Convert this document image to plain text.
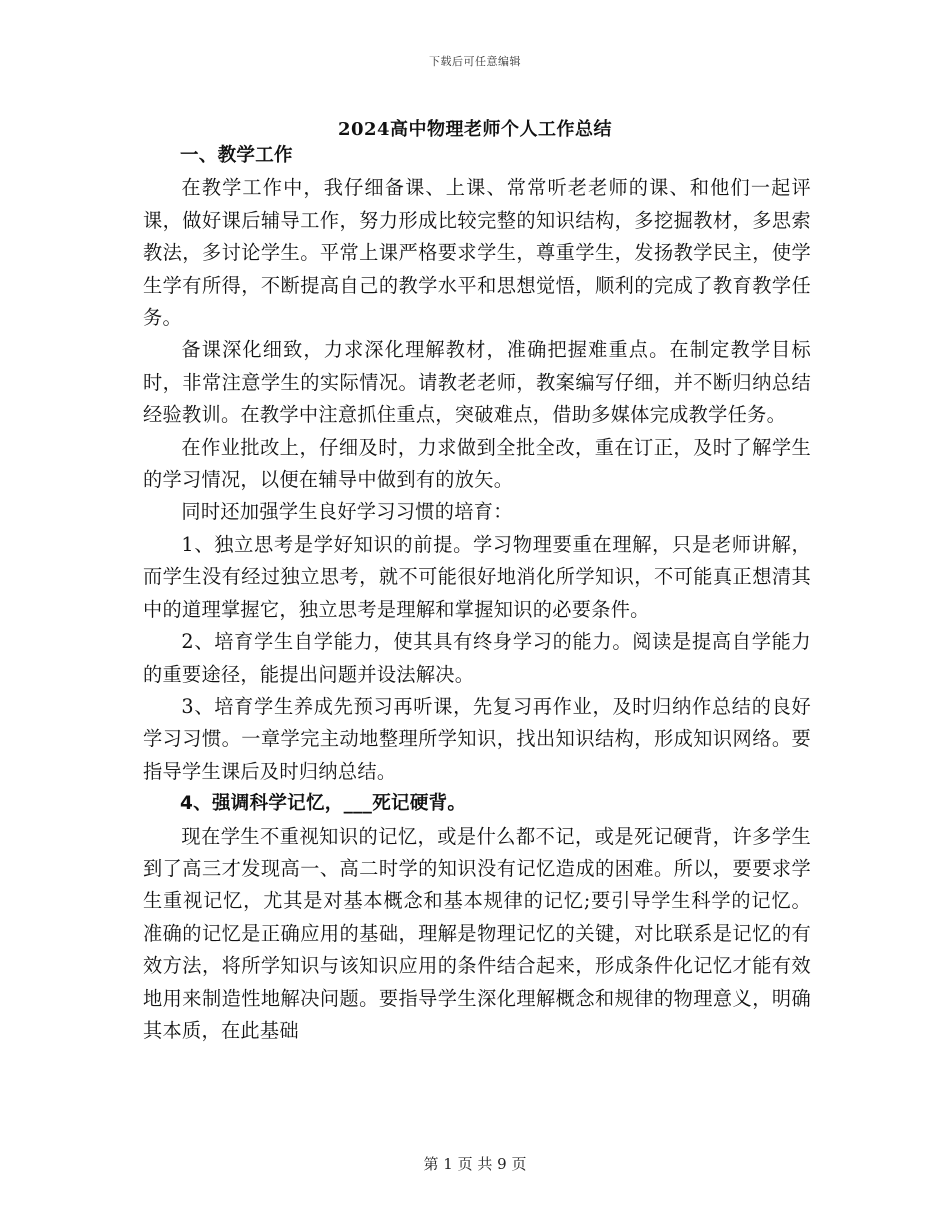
下载后可任意编辑
2024高中物理老师个人工作总结

一、教学工作

在教学工作中，我仔细备课、上课、常常听老老师的课、和他们一起评课，做好课后辅导工作，努力形成比较完整的知识结构，多挖掘教材，多思索教法，多讨论学生。平常上课严格要求学生，尊重学生，发扬教学民主，使学生学有所得，不断提高自己的教学水平和思想觉悟，顺利的完成了教育教学任务。

备课深化细致，力求深化理解教材，准确把握难重点。在制定教学目标时，非常注意学生的实际情况。请教老老师，教案编写仔细，并不断归纳总结经验教训。在教学中注意抓住重点，突破难点，借助多媒体完成教学任务。

在作业批改上，仔细及时，力求做到全批全改，重在订正，及时了解学生的学习情况，以便在辅导中做到有的放矢。

同时还加强学生良好学习习惯的培育：

1、独立思考是学好知识的前提。学习物理要重在理解，只是老师讲解，而学生没有经过独立思考，就不可能很好地消化所学知识，不可能真正想清其中的道理掌握它，独立思考是理解和掌握知识的必要条件。

2、培育学生自学能力，使其具有终身学习的能力。阅读是提高自学能力的重要途径，能提出问题并设法解决。

3、培育学生养成先预习再听课，先复习再作业，及时归纳作总结的良好学习习惯。一章学完主动地整理所学知识，找出知识结构，形成知识网络。要指导学生课后及时归纳总结。

4、强调科学记忆，___死记硬背。

现在学生不重视知识的记忆，或是什么都不记，或是死记硬背，许多学生到了高三才发现高一、高二时学的知识没有记忆造成的困难。所以，要要求学生重视记忆，尤其是对基本概念和基本规律的记忆;要引导学生科学的记忆。准确的记忆是正确应用的基础，理解是物理记忆的关键，对比联系是记忆的有效方法，将所学知识与该知识应用的条件结合起来，形成条件化记忆才能有效地用来制造性地解决问题。要指导学生深化理解概念和规律的物理意义，明确其本质，在此基础

第 1 页 共 9 页
